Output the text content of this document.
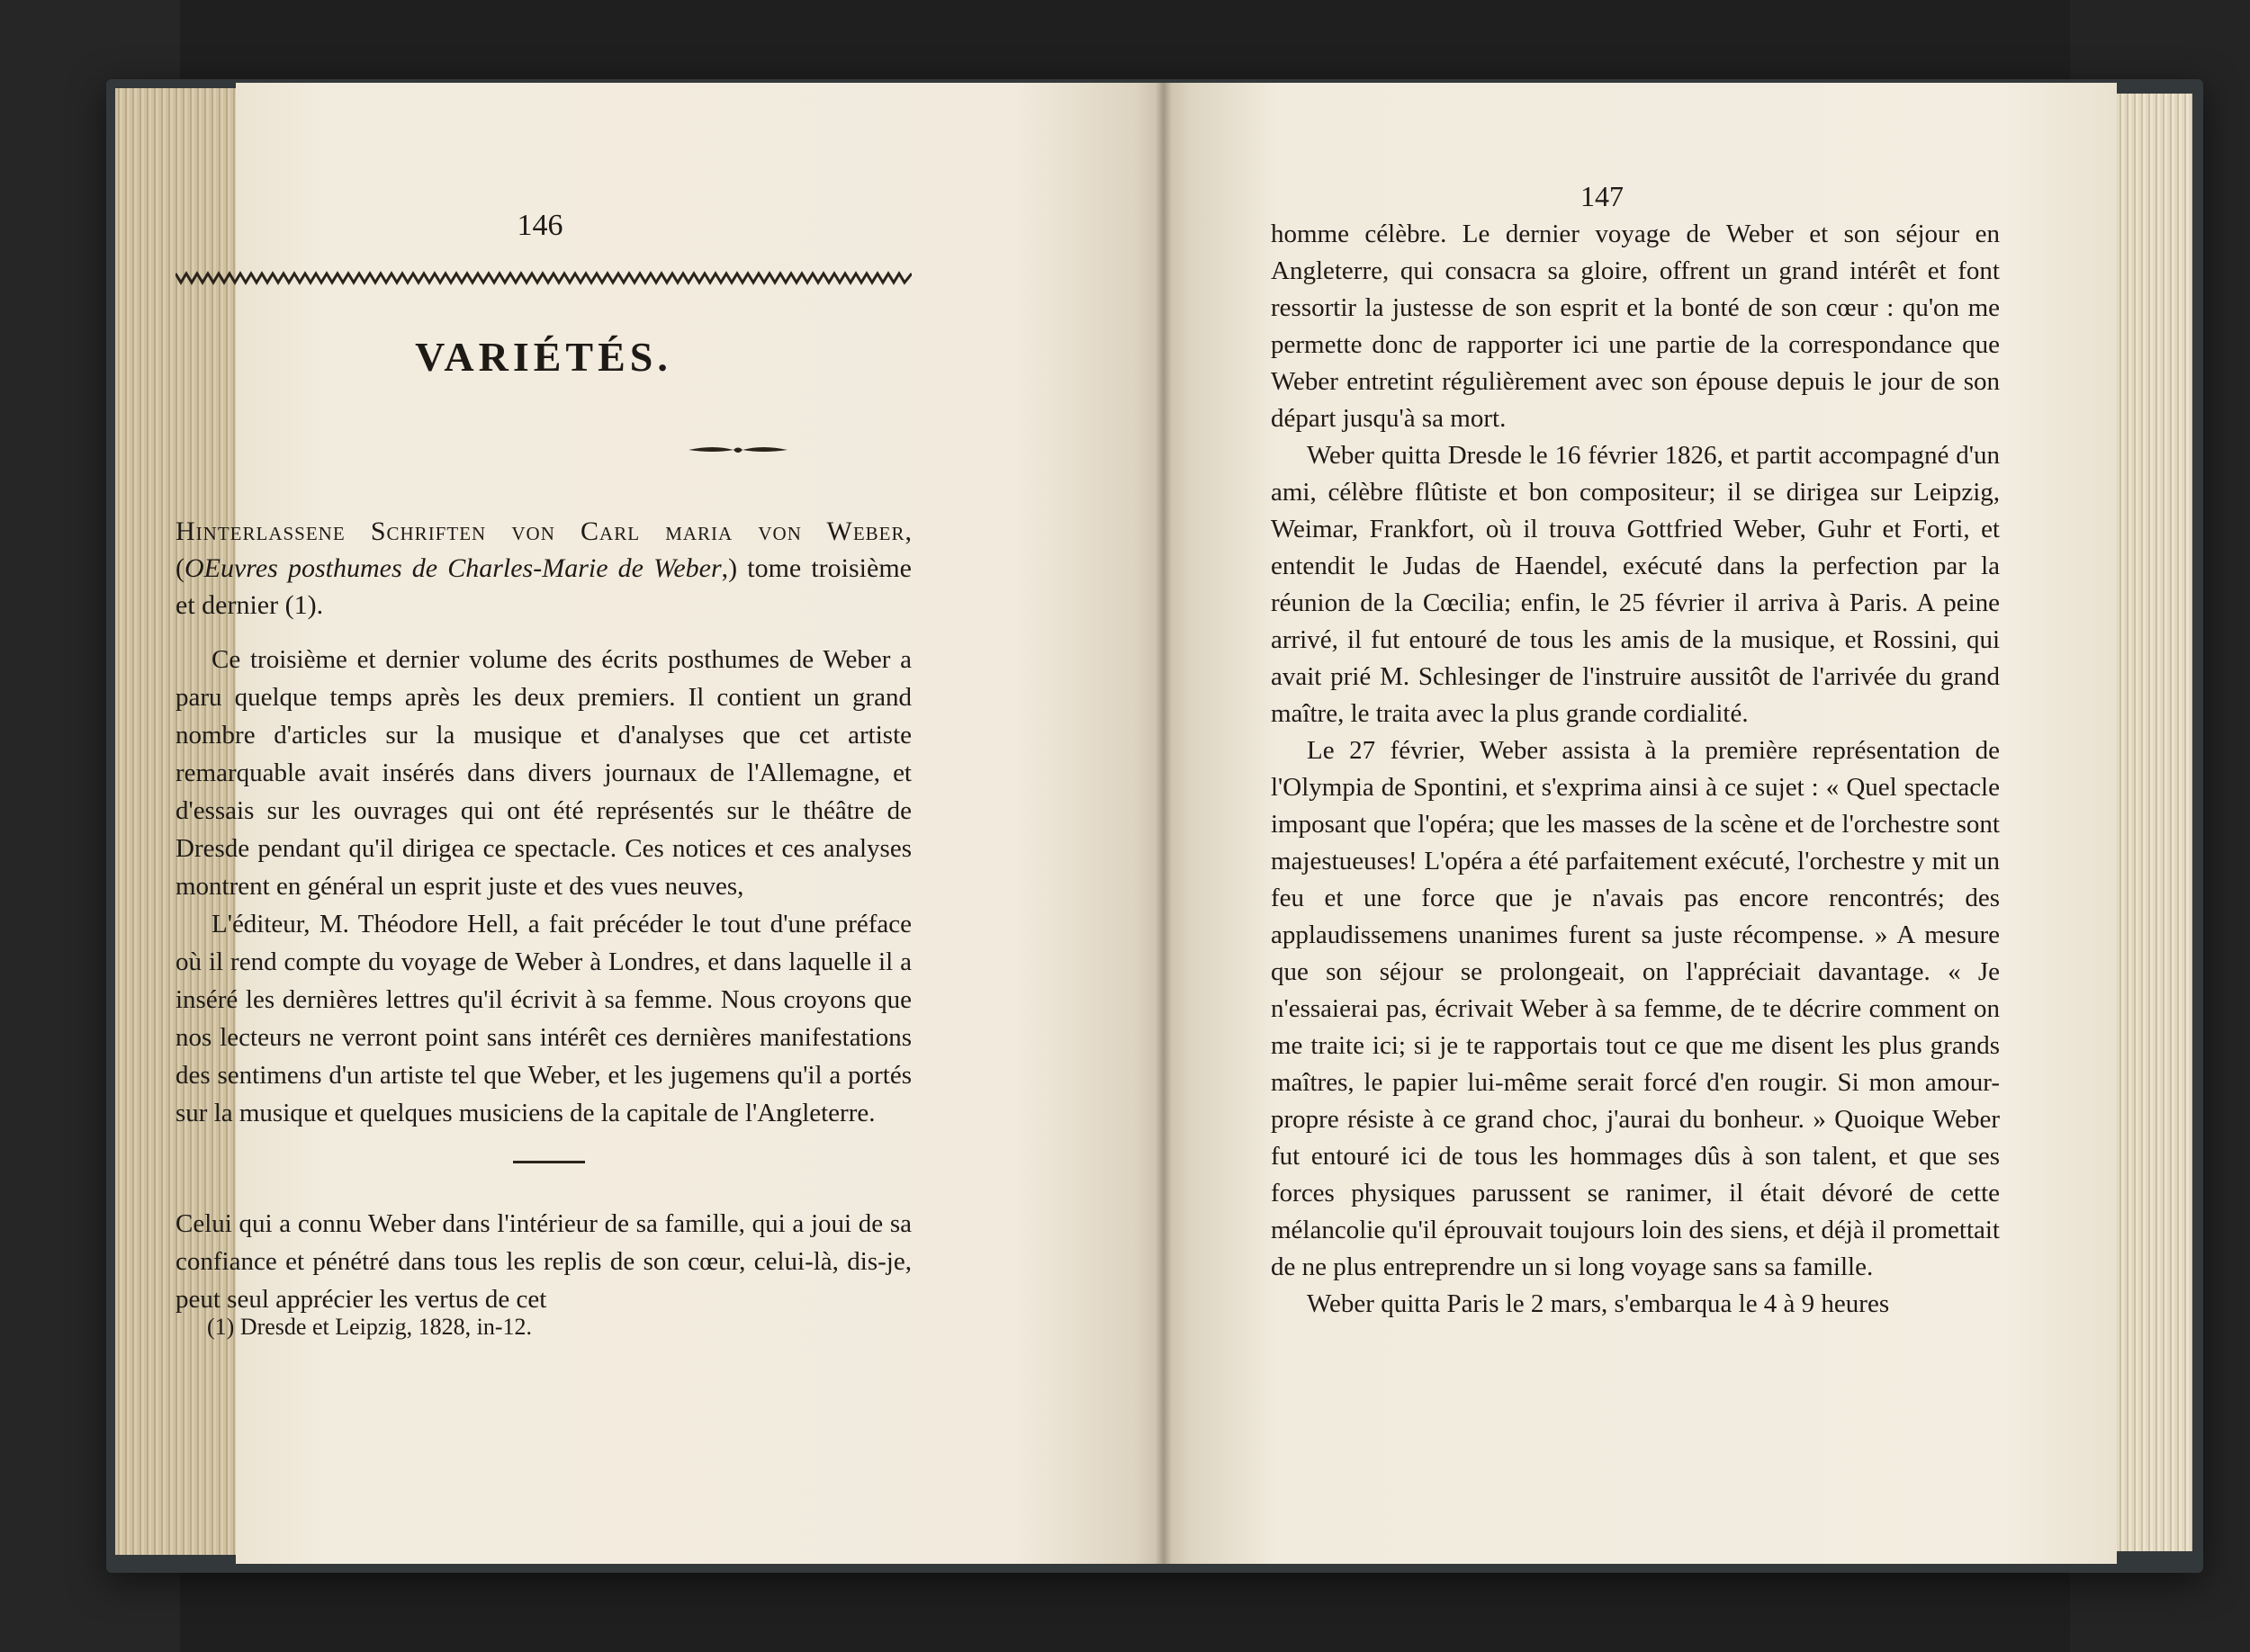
146

VARIÉTÉS.

Hinterlassene Schriften von Carl maria von Weber, (OEuvres posthumes de Charles-Marie de Weber,) tome troisième et dernier (1).

Ce troisième et dernier volume des écrits posthumes de Weber a paru quelque temps après les deux premiers. Il contient un grand nombre d'articles sur la musique et d'analyses que cet artiste remarquable avait insérés dans divers journaux de l'Allemagne, et d'essais sur les ouvrages qui ont été représentés sur le théâtre de Dresde pendant qu'il dirigea ce spectacle. Ces notices et ces analyses montrent en général un esprit juste et des vues neuves,

L'éditeur, M. Théodore Hell, a fait précéder le tout d'une préface où il rend compte du voyage de Weber à Londres, et dans laquelle il a inséré les dernières lettres qu'il écrivit à sa femme. Nous croyons que nos lecteurs ne verront point sans intérêt ces dernières manifestations des sentimens d'un artiste tel que Weber, et les jugemens qu'il a portés sur la musique et quelques musiciens de la capitale de l'Angleterre.

Celui qui a connu Weber dans l'intérieur de sa famille, qui a joui de sa confiance et pénétré dans tous les replis de son cœur, celui-là, dis-je, peut seul apprécier les vertus de cet

(1) Dresde et Leipzig, 1828, in-12.

147

homme célèbre. Le dernier voyage de Weber et son séjour en Angleterre, qui consacra sa gloire, offrent un grand intérêt et font ressortir la justesse de son esprit et la bonté de son cœur : qu'on me permette donc de rapporter ici une partie de la correspondance que Weber entretint régulièrement avec son épouse depuis le jour de son départ jusqu'à sa mort.

Weber quitta Dresde le 16 février 1826, et partit accompagné d'un ami, célèbre flûtiste et bon compositeur; il se dirigea sur Leipzig, Weimar, Frankfort, où il trouva Gottfried Weber, Guhr et Forti, et entendit le Judas de Haendel, exécuté dans la perfection par la réunion de la Cœcilia; enfin, le 25 février il arriva à Paris. A peine arrivé, il fut entouré de tous les amis de la musique, et Rossini, qui avait prié M. Schlesinger de l'instruire aussitôt de l'arrivée du grand maître, le traita avec la plus grande cordialité.

Le 27 février, Weber assista à la première représentation de l'Olympia de Spontini, et s'exprima ainsi à ce sujet : « Quel spectacle imposant que l'opéra; que les masses de la scène et de l'orchestre sont majestueuses! L'opéra a été parfaitement exécuté, l'orchestre y mit un feu et une force que je n'avais pas encore rencontrés; des applaudissemens unanimes furent sa juste récompense. » A mesure que son séjour se prolongeait, on l'appréciait davantage. « Je n'essaierai pas, écrivait Weber à sa femme, de te décrire comment on me traite ici; si je te rapportais tout ce que me disent les plus grands maîtres, le papier lui-même serait forcé d'en rougir. Si mon amour-propre résiste à ce grand choc, j'aurai du bonheur. » Quoique Weber fut entouré ici de tous les hommages dûs à son talent, et que ses forces physiques parussent se ranimer, il était dévoré de cette mélancolie qu'il éprouvait toujours loin des siens, et déjà il promettait de ne plus entreprendre un si long voyage sans sa famille.

Weber quitta Paris le 2 mars, s'embarqua le 4 à 9 heures
